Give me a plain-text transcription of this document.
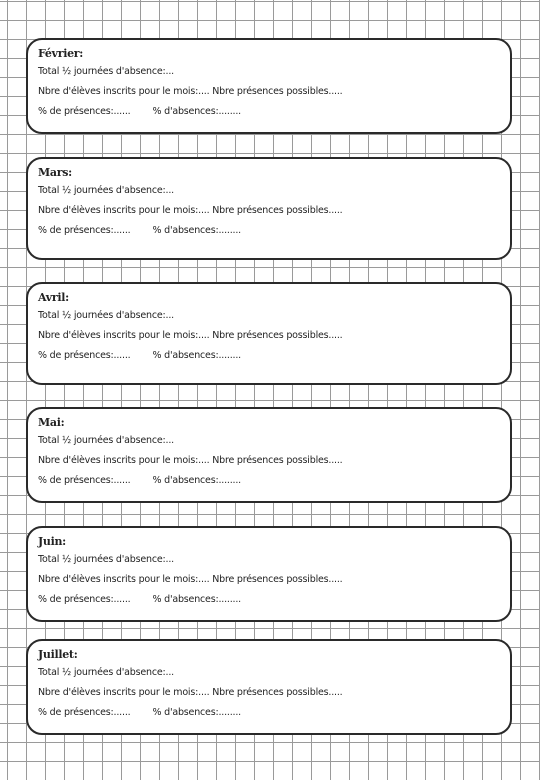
Février:
Total ½ journées d'absence:...
Nbre d'élèves inscrits pour le mois:.... Nbre présences possibles.....
% de présences:...... % d'absences:........
Mars:
Total ½ journées d'absence:...
Nbre d'élèves inscrits pour le mois:.... Nbre présences possibles.....
% de présences:...... % d'absences:........
Avril:
Total ½ journées d'absence:...
Nbre d'élèves inscrits pour le mois:.... Nbre présences possibles.....
% de présences:...... % d'absences:........
Mai:
Total ½ journées d'absence:...
Nbre d'élèves inscrits pour le mois:.... Nbre présences possibles.....
% de présences:...... % d'absences:........
Juin:
Total ½ journées d'absence:...
Nbre d'élèves inscrits pour le mois:.... Nbre présences possibles.....
% de présences:...... % d'absences:........
Juillet:
Total ½ journées d'absence:...
Nbre d'élèves inscrits pour le mois:.... Nbre présences possibles.....
% de présences:...... % d'absences:........
